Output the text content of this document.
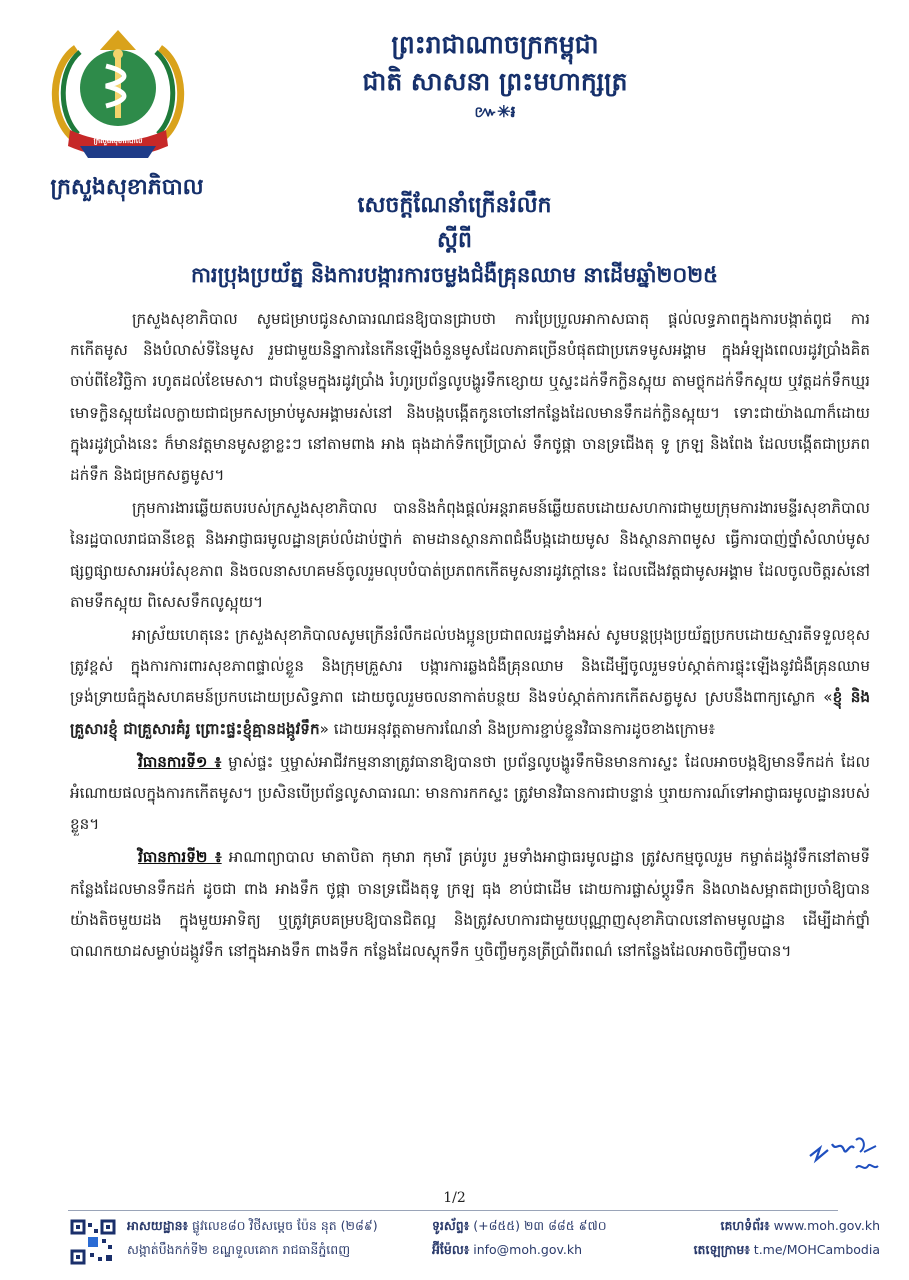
ក្រសួងសុខាភិបាល
ក្រសួងសុខាភិបាល
ព្រះរាជាណាចក្រកម្ពុជា
ជាតិ សាសនា ព្រះមហាក្សត្រ
៚✳៛
សេចក្តីណែនាំក្រើនរំលឹក
ស្តីពី
ការប្រុងប្រយ័ត្ន និងការបង្ការការចម្លងជំងឺគ្រុនឈាម នាដើមឆ្នាំ២០២៥

ក្រសួងសុខាភិបាល សូមជម្រាបជូនសាធារណជនឱ្យបានជ្រាបថា ការប្រែប្រួលអាកាសធាតុ ផ្តល់លទ្ធភាពក្នុងការបង្កាត់ពូជ ការកកើតមូស និងបំលាស់ទីនៃមូស រួមជាមួយនិន្នាការនៃកើនឡើងចំនួនមូសដែលភាគច្រើនបំផុតជាប្រភេទមូសអង្គាម ក្នុងអំឡុងពេលរដូវប្រាំងគិតចាប់ពីខែវិច្ឆិកា រហូតដល់ខែមេសា។ ជាបន្ថែមក្នុងរដូវប្រាំង រំហូរប្រព័ន្ធលូបង្ហូរទឹកខ្សោយ ឬស្ទះដក់ទឹកក្លិនស្អុយ តាមថ្លុកដក់ទឹកស្អុយ ឬវត្តដក់ទឹកឃ្មរមោទក្លិនស្អុយដែលក្លាយជាជម្រកសម្រាប់មូសអង្គាមរស់នៅ និងបង្កបង្កើតកូនចៅនៅកន្លែងដែលមានទឹកដក់ក្លិនស្អុយ។ ទោះជាយ៉ាងណាក៏ដោយ ក្នុងរដូវប្រាំងនេះ ក៏មានវត្តមានមូសខ្លាខ្លះៗ នៅតាមពាង អាង ធុងដាក់ទឹកប្រើប្រាស់ ទឹកថូផ្កា ចានទ្រជើងតុ ទូ ក្រឡ និងពែង ដែលបង្កើតជាប្រភពដក់ទឹក និងជម្រកសត្វមូស។

ក្រុមការងារឆ្លើយតបរបស់ក្រសួងសុខាភិបាល បាននិងកំពុងផ្តល់អន្តរាគមន៍ឆ្លើយតបដោយសហការជាមួយក្រុមការងារមន្ទីរសុខាភិបាលនៃរដ្ឋបាលរាជធានីខេត្ត និងអាជ្ញាធរមូលដ្ឋានគ្រប់លំដាប់ថ្នាក់ តាមដានស្ថានភាពជំងឺបង្កដោយមូស និងស្ថានភាពមូស ធ្វើការបាញ់ថ្នាំសំលាប់មូស ផ្សព្វផ្សាយសារអប់រំសុខភាព និងចលនាសហគមន៍ចូលរួមលុបបំបាត់ប្រភពកកើតមូសនារដូវក្តៅនេះ ដែលជើងវត្តជាមូសអង្គាម ដែលចូលចិត្តរស់នៅតាមទឹកស្អុយ ពិសេសទឹកលូស្អុយ។

អាស្រ័យហេតុនេះ ក្រសួងសុខាភិបាលសូមក្រើនរំលឹកដល់បងប្អូនប្រជាពលរដ្ឋទាំងអស់ សូមបន្តប្រុងប្រយ័ត្នប្រកបដោយស្មារតីទទួលខុសត្រូវខ្ពស់ ក្នុងការការពារសុខភាពផ្ទាល់ខ្លួន និងក្រុមគ្រួសារ បង្ការការឆ្លងជំងឺគ្រុនឈាម និងដើម្បីចូលរួមទប់ស្កាត់ការផ្ទុះឡើងនូវជំងឺគ្រុនឈាមទ្រង់ទ្រាយធំក្នុងសហគមន៍ប្រកបដោយប្រសិទ្ធភាព ដោយចូលរួមចលនាកាត់បន្ថយ និងទប់ស្កាត់ការកកើតសត្វមូស ស្របនឹងពាក្យស្លោក «ខ្ញុំ និងគ្រួសារខ្ញុំ ជាគ្រួសារគំរូ ព្រោះផ្ទះខ្ញុំគ្មានដង្កូវទឹក» ដោយអនុវត្តតាមការណែនាំ និងប្រការខ្ជាប់ខ្ជួនវិធានការដូចខាងក្រោម៖

វិធានការទី១ ៖ ម្ចាស់ផ្ទះ ឬម្ចាស់អាជីវកម្មនានាត្រូវធានាឱ្យបានថា ប្រព័ន្ធលូបង្ហូរទឹកមិនមានការស្ទះ ដែលអាចបង្កឱ្យមានទឹកដក់ ដែលអំណោយផលក្នុងការកកើតមូស។ ប្រសិនបើប្រព័ន្ធលូសាធារណៈ មានការកកស្ទះ ត្រូវមានវិធានការជាបន្ទាន់ ឬរាយការណ៍ទៅអាជ្ញាធរមូលដ្ឋានរបស់ខ្លួន។

វិធានការទី២ ៖ អាណាព្យាបាល មាតាបិតា កុមារា កុមារី គ្រប់រូប រួមទាំងអាជ្ញាធរមូលដ្ឋាន ត្រូវសកម្មចូលរួម កម្ចាត់ដង្កូវទឹកនៅតាមទីកន្លែងដែលមានទឹកដក់ ដូចជា ពាង អាងទឹក ថូផ្កា ចានទ្រជើងតុទូ ក្រឡ ធុង ខាប់ជាដើម ដោយការផ្លាស់ប្តូរទឹក និងលាងសម្អាតជាប្រចាំឱ្យបានយ៉ាងតិចមួយដង ក្នុងមួយអាទិត្យ ឬត្រូវគ្របគម្របឱ្យបានជិតល្អ និងត្រូវសហការជាមួយបុណ្ណាញសុខាភិបាលនៅតាមមូលដ្ឋាន ដើម្បីដាក់ថ្នាំបាណកយាដសម្លាប់ដង្កូវទឹក នៅក្នុងអាងទឹក ពាងទឹក កន្លែងដែលស្តុកទឹក ឬចិញ្ចឹមកូនត្រីប្រាំពីរពណ៌ នៅកន្លែងដែលអាចចិញ្ចឹមបាន។

1/2
អាសយដ្ឋាន៖ ផ្លូវលេខ៨០ វិថីសម្តេច ប៉ែន នុត (២៨៩)
សង្កាត់បឹងកក់ទី២ ខណ្ឌទួលគោក រាជធានីភ្នំពេញ
ទូរស័ព្ទ៖ (+៨៥៥) ២៣ ៨៨៥ ៩៧០
អ៊ីម៉ែល៖ info@moh.gov.kh
គេហទំព័រ៖ www.moh.gov.kh
តេឡេក្រាម៖ t.me/MOHCambodia
